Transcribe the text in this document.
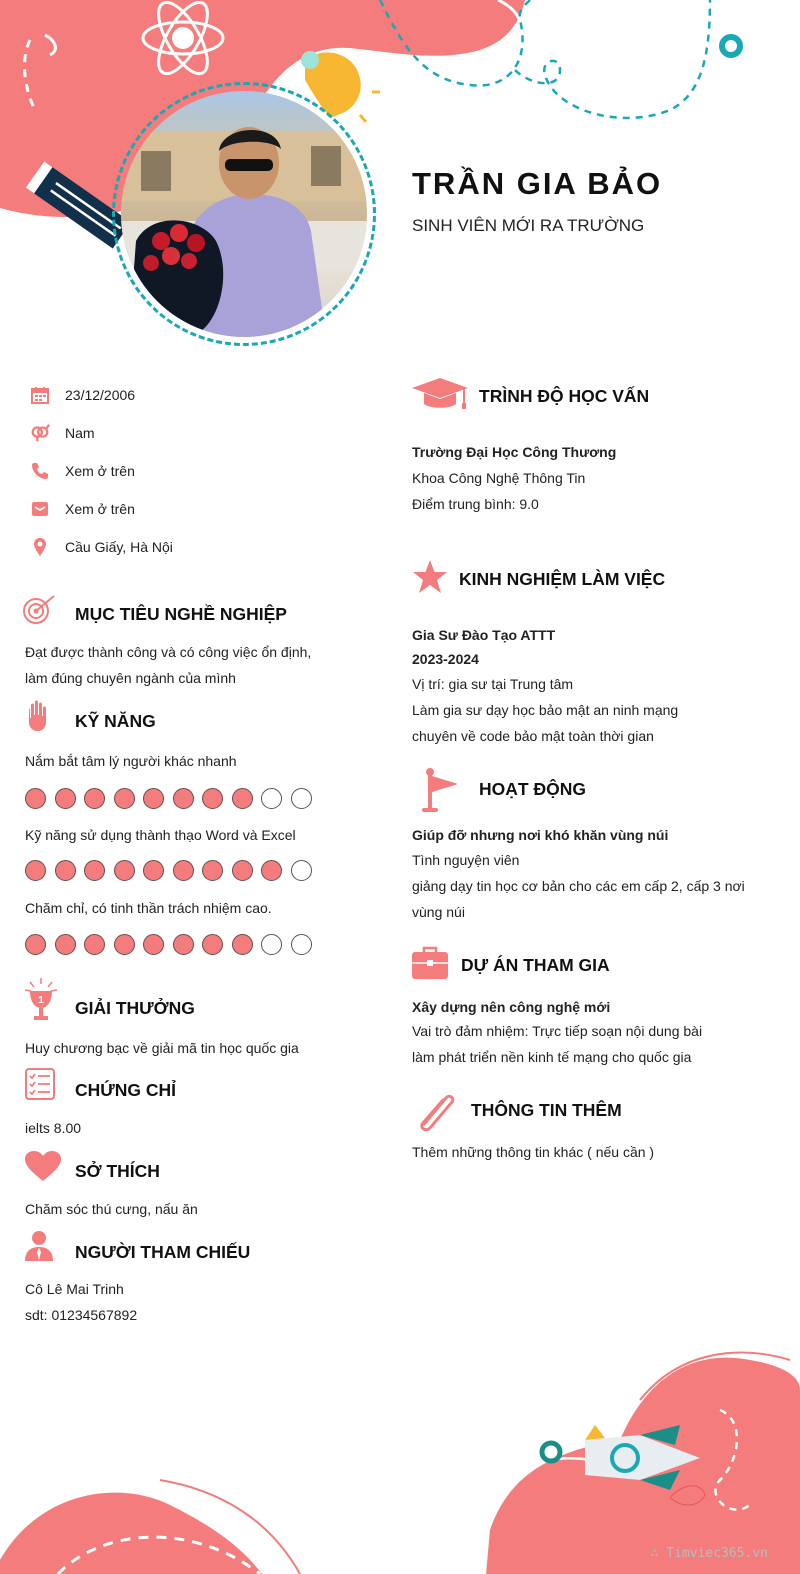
TRẦN GIA BẢO
SINH VIÊN MỚI RA TRƯỜNG
23/12/2006
Nam
Xem ở trên
Xem ở trên
Cầu Giấy, Hà Nội
MỤC TIÊU NGHỀ NGHIỆP
Đạt được thành công và có công việc ổn định,
làm đúng chuyên ngành của mình
KỸ NĂNG
Nắm bắt tâm lý người khác nhanh
Kỹ năng sử dụng thành thạo Word và Excel
Chăm chỉ, có tinh thần trách nhiệm cao.
1 GIẢI THƯỞNG
Huy chương bạc về giải mã tin học quốc gia
CHỨNG CHỈ
ielts 8.00
SỞ THÍCH
Chăm sóc thú cưng, nấu ăn
NGƯỜI THAM CHIẾU
Cô Lê Mai Trinh
sdt: 01234567892
TRÌNH ĐỘ HỌC VẤN
Trường Đại Học Công Thương
Khoa Công Nghệ Thông Tin
Điểm trung bình: 9.0
KINH NGHIỆM LÀM VIỆC
Gia Sư Đào Tạo ATTT
2023-2024
Vị trí: gia sư tại Trung tâm
Làm gia sư dạy học bảo mật an ninh mạng
chuyên về code bảo mật toàn thời gian
HOẠT ĐỘNG
Giúp đỡ nhưng nơi khó khăn vùng núi
Tình nguyện viên
giảng dạy tin học cơ bản cho các em cấp 2, cấp 3 nơi
vùng núi
DỰ ÁN THAM GIA
Xây dựng nên công nghệ mới
Vai trò đảm nhiệm: Trực tiếp soạn nội dung bài
làm phát triển nền kinh tế mạng cho quốc gia
THÔNG TIN THÊM
Thêm những thông tin khác ( nếu cần )
∴ Timviec365.vn
